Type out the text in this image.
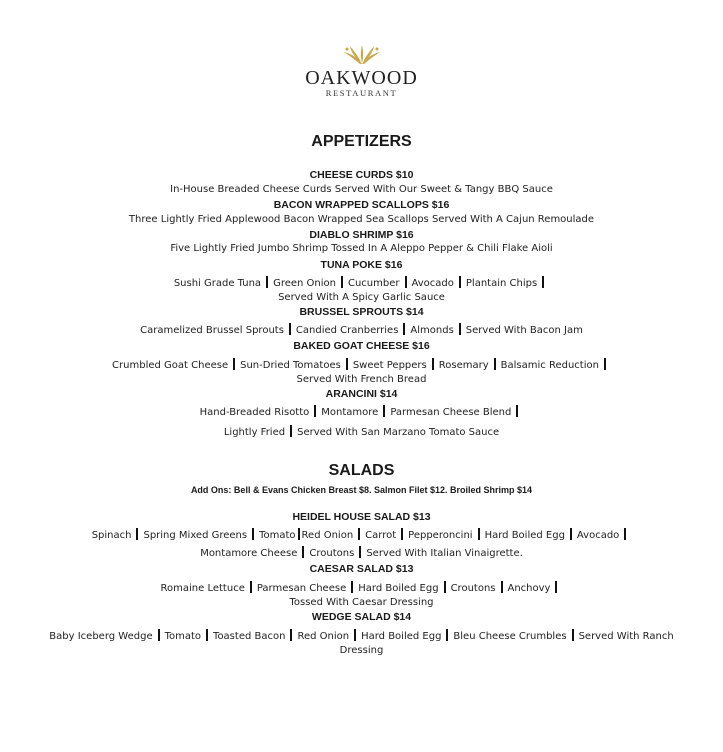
OAKWOOD
RESTAURANT
APPETIZERS
CHEESE CURDS $10
In-House Breaded Cheese Curds Served With Our Sweet & Tangy BBQ Sauce
BACON WRAPPED SCALLOPS $16
Three Lightly Fried Applewood Bacon Wrapped Sea Scallops Served With A Cajun Remoulade
DIABLO SHRIMP $16
Five Lightly Fried Jumbo Shrimp Tossed In A Aleppo Pepper & Chili Flake Aioli
TUNA POKE $16
Sushi Grade Tuna Green Onion Cucumber Avocado Plantain Chips
Served With A Spicy Garlic Sauce
BRUSSEL SPROUTS $14
Caramelized Brussel Sprouts Candied Cranberries Almonds Served With Bacon Jam
BAKED GOAT CHEESE $16
Crumbled Goat Cheese Sun-Dried Tomatoes Sweet Peppers Rosemary Balsamic Reduction
Served With French Bread
ARANCINI $14
Hand-Breaded Risotto Montamore Parmesan Cheese Blend
Lightly Fried Served With San Marzano Tomato Sauce
SALADS
Add Ons: Bell & Evans Chicken Breast $8. Salmon Filet $12. Broiled Shrimp $14
HEIDEL HOUSE SALAD $13
Spinach Spring Mixed Greens Tomato Red Onion Carrot Pepperoncini Hard Boiled Egg Avocado
Montamore Cheese Croutons Served With Italian Vinaigrette.
CAESAR SALAD $13
Romaine Lettuce Parmesan Cheese Hard Boiled Egg Croutons Anchovy
Tossed With Caesar Dressing
WEDGE SALAD $14
Baby Iceberg Wedge Tomato Toasted Bacon Red Onion Hard Boiled Egg Bleu Cheese Crumbles Served With Ranch
Dressing
